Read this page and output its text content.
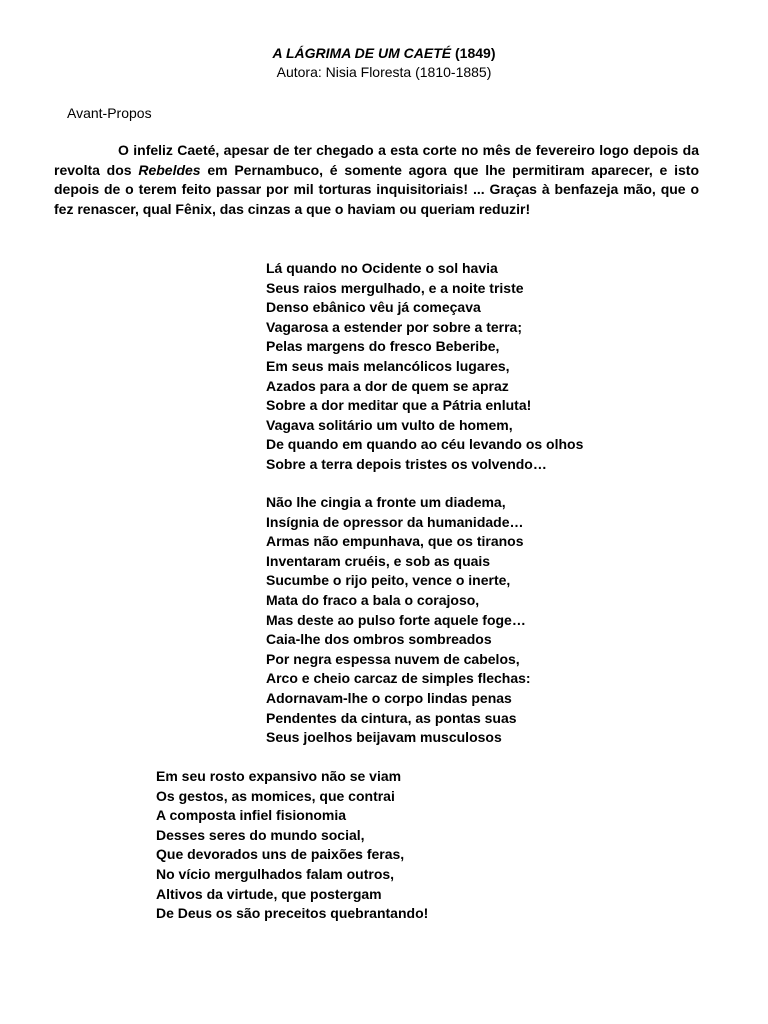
A LÁGRIMA DE UM CAETÉ (1849)
Autora: Nisia Floresta (1810-1885)
Avant-Propos

O infeliz Caeté, apesar de ter chegado a esta corte no mês de fevereiro logo depois da revolta dos Rebeldes em Pernambuco, é somente agora que lhe permitiram aparecer, e isto depois de o terem feito passar por mil torturas inquisitoriais! ... Graças à benfazeja mão, que o fez renascer, qual Fênix, das cinzas a que o haviam ou queriam reduzir!

Lá quando no Ocidente o sol havia
Seus raios mergulhado, e a noite triste
Denso ebânico vêu já começava
Vagarosa a estender por sobre a terra;
Pelas margens do fresco Beberibe,
Em seus mais melancólicos lugares,
Azados para a dor de quem se apraz
Sobre a dor meditar que a Pátria enluta!
Vagava solitário um vulto de homem,
De quando em quando ao céu levando os olhos
Sobre a terra depois tristes os volvendo…
Não lhe cingia a fronte um diadema,
Insígnia de opressor da humanidade…
Armas não empunhava, que os tiranos
Inventaram cruéis, e sob as quais
Sucumbe o rijo peito, vence o inerte,
Mata do fraco a bala o corajoso,
Mas deste ao pulso forte aquele foge…
Caia-lhe dos ombros sombreados
Por negra espessa nuvem de cabelos,
Arco e cheio carcaz de simples flechas:
Adornavam-lhe o corpo lindas penas
Pendentes da cintura, as pontas suas
Seus joelhos beijavam musculosos
Em seu rosto expansivo não se viam
Os gestos, as momices, que contrai
A composta infiel fisionomia
Desses seres do mundo social,
Que devorados uns de paixões feras,
No vício mergulhados falam outros,
Altivos da virtude, que postergam
De Deus os são preceitos quebrantando!
